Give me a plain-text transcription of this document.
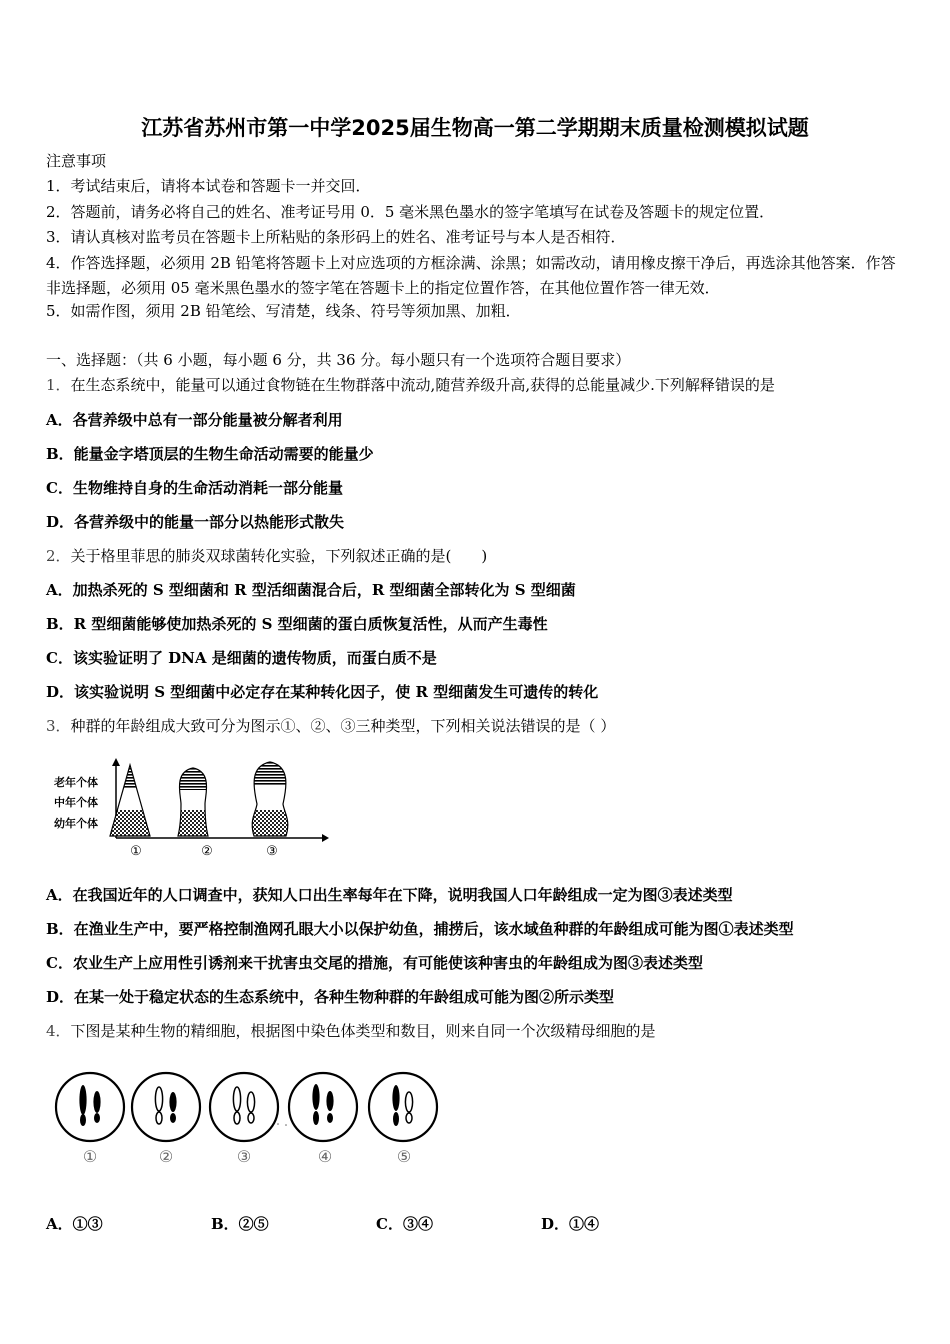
江苏省苏州市第一中学2025届生物高一第二学期期末质量检测模拟试题
注意事项
1．考试结束后，请将本试卷和答题卡一并交回．
2．答题前，请务必将自己的姓名、准考证号用 0．5 毫米黑色墨水的签字笔填写在试卷及答题卡的规定位置．
3．请认真核对监考员在答题卡上所粘贴的条形码上的姓名、准考证号与本人是否相符．
4．作答选择题，必须用 2B 铅笔将答题卡上对应选项的方框涂满、涂黑；如需改动，请用橡皮擦干净后，再选涂其他答案．作答非选择题，必须用 05 毫米黑色墨水的签字笔在答题卡上的指定位置作答，在其他位置作答一律无效．
5．如需作图，须用 2B 铅笔绘、写清楚，线条、符号等须加黑、加粗．
一、选择题：（共 6 小题，每小题 6 分，共 36 分。每小题只有一个选项符合题目要求）
1．在生态系统中，能量可以通过食物链在生物群落中流动,随营养级升高,获得的总能量减少.下列解释错误的是
A．各营养级中总有一部分能量被分解者利用
B．能量金字塔顶层的生物生命活动需要的能量少
C．生物维持自身的生命活动消耗一部分能量
D．各营养级中的能量一部分以热能形式散失
2．关于格里菲思的肺炎双球菌转化实验，下列叙述正确的是(　　)
A．加热杀死的 S 型细菌和 R 型活细菌混合后，R 型细菌全部转化为 S 型细菌
B．R 型细菌能够使加热杀死的 S 型细菌的蛋白质恢复活性，从而产生毒性
C．该实验证明了 DNA 是细菌的遗传物质，而蛋白质不是
D．该实验说明 S 型细菌中必定存在某种转化因子，使 R 型细菌发生可遗传的转化
3．种群的年龄组成大致可分为图示①、②、③三种类型，下列相关说法错误的是（ ）
老年个体
中年个体
幼年个体
①	②	③
A．在我国近年的人口调查中，获知人口出生率每年在下降，说明我国人口年龄组成一定为图③表述类型
B．在渔业生产中，要严格控制渔网孔眼大小以保护幼鱼，捕捞后，该水域鱼种群的年龄组成可能为图①表述类型
C．农业生产上应用性引诱剂来干扰害虫交尾的措施，有可能使该种害虫的年龄组成为图③表述类型
D．在某一处于稳定状态的生态系统中，各种生物种群的年龄组成可能为图②所示类型
4．下图是某种生物的精细胞，根据图中染色体类型和数目，则来自同一个次级精母细胞的是
①	②	③	④	⑤
A．①③	B．②⑤	C．③④	D．①④
